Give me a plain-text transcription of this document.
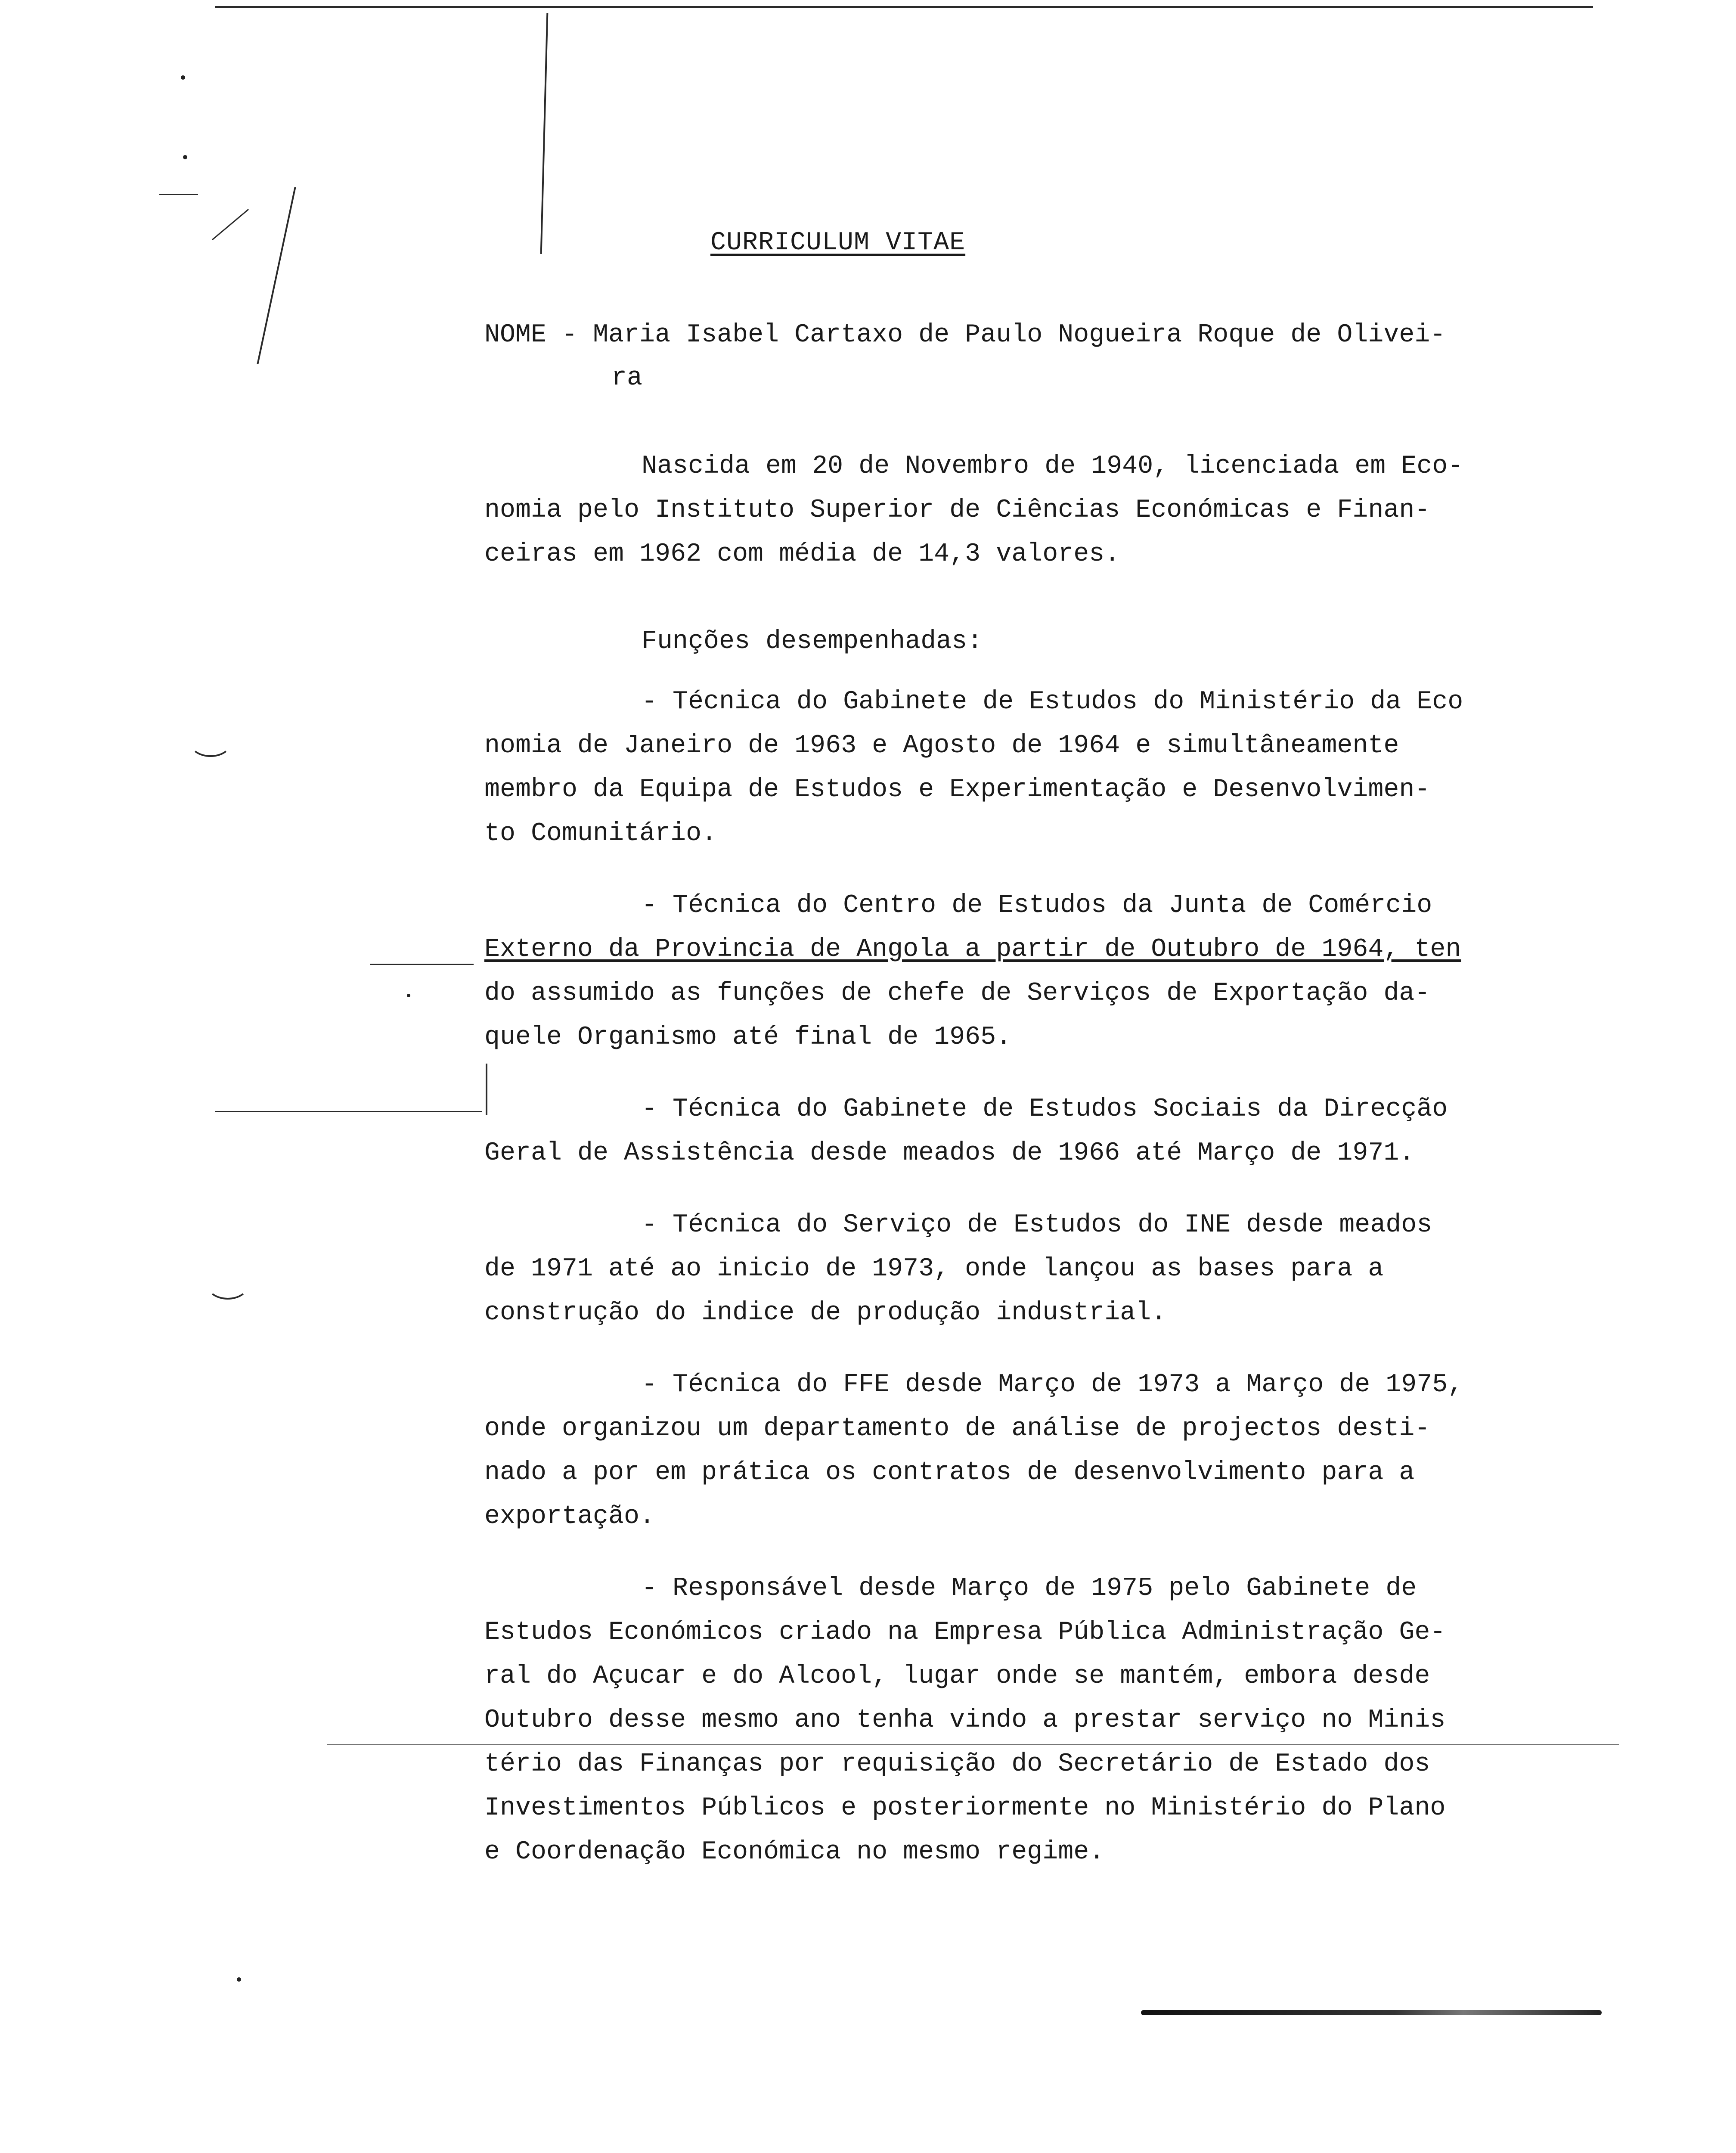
CURRICULUM VITAE
NOME - Maria Isabel Cartaxo de Paulo Nogueira Roque de Olivei-
ra
Nascida em 20 de Novembro de 1940, licenciada em Eco-
nomia pelo Instituto Superior de Ciências Económicas e Finan-
ceiras em 1962 com média de 14,3 valores.
Funções desempenhadas:
- Técnica do Gabinete de Estudos do Ministério da Eco
nomia de Janeiro de 1963 e Agosto de 1964 e simultâneamente
membro da Equipa de Estudos e Experimentação e Desenvolvimen-
to Comunitário.
- Técnica do Centro de Estudos da Junta de Comércio
Externo da Provincia de Angola a partir de Outubro de 1964, ten
do assumido as funções de chefe de Serviços de Exportação da-
quele Organismo até final de 1965.
- Técnica do Gabinete de Estudos Sociais da Direcção
Geral de Assistência desde meados de 1966 até Março de 1971.
- Técnica do Serviço de Estudos do INE desde meados
de 1971 até ao inicio de 1973, onde lançou as bases para a
construção do indice de produção industrial.
- Técnica do FFE desde Março de 1973 a Março de 1975,
onde organizou um departamento de análise de projectos desti-
nado a por em prática os contratos de desenvolvimento para a
exportação.
- Responsável desde Março de 1975 pelo Gabinete de
Estudos Económicos criado na Empresa Pública Administração Ge-
ral do Açucar e do Alcool, lugar onde se mantém, embora desde
Outubro desse mesmo ano tenha vindo a prestar serviço no Minis
tério das Finanças por requisição do Secretário de Estado dos
Investimentos Públicos e posteriormente no Ministério do Plano
e Coordenação Económica no mesmo regime.
